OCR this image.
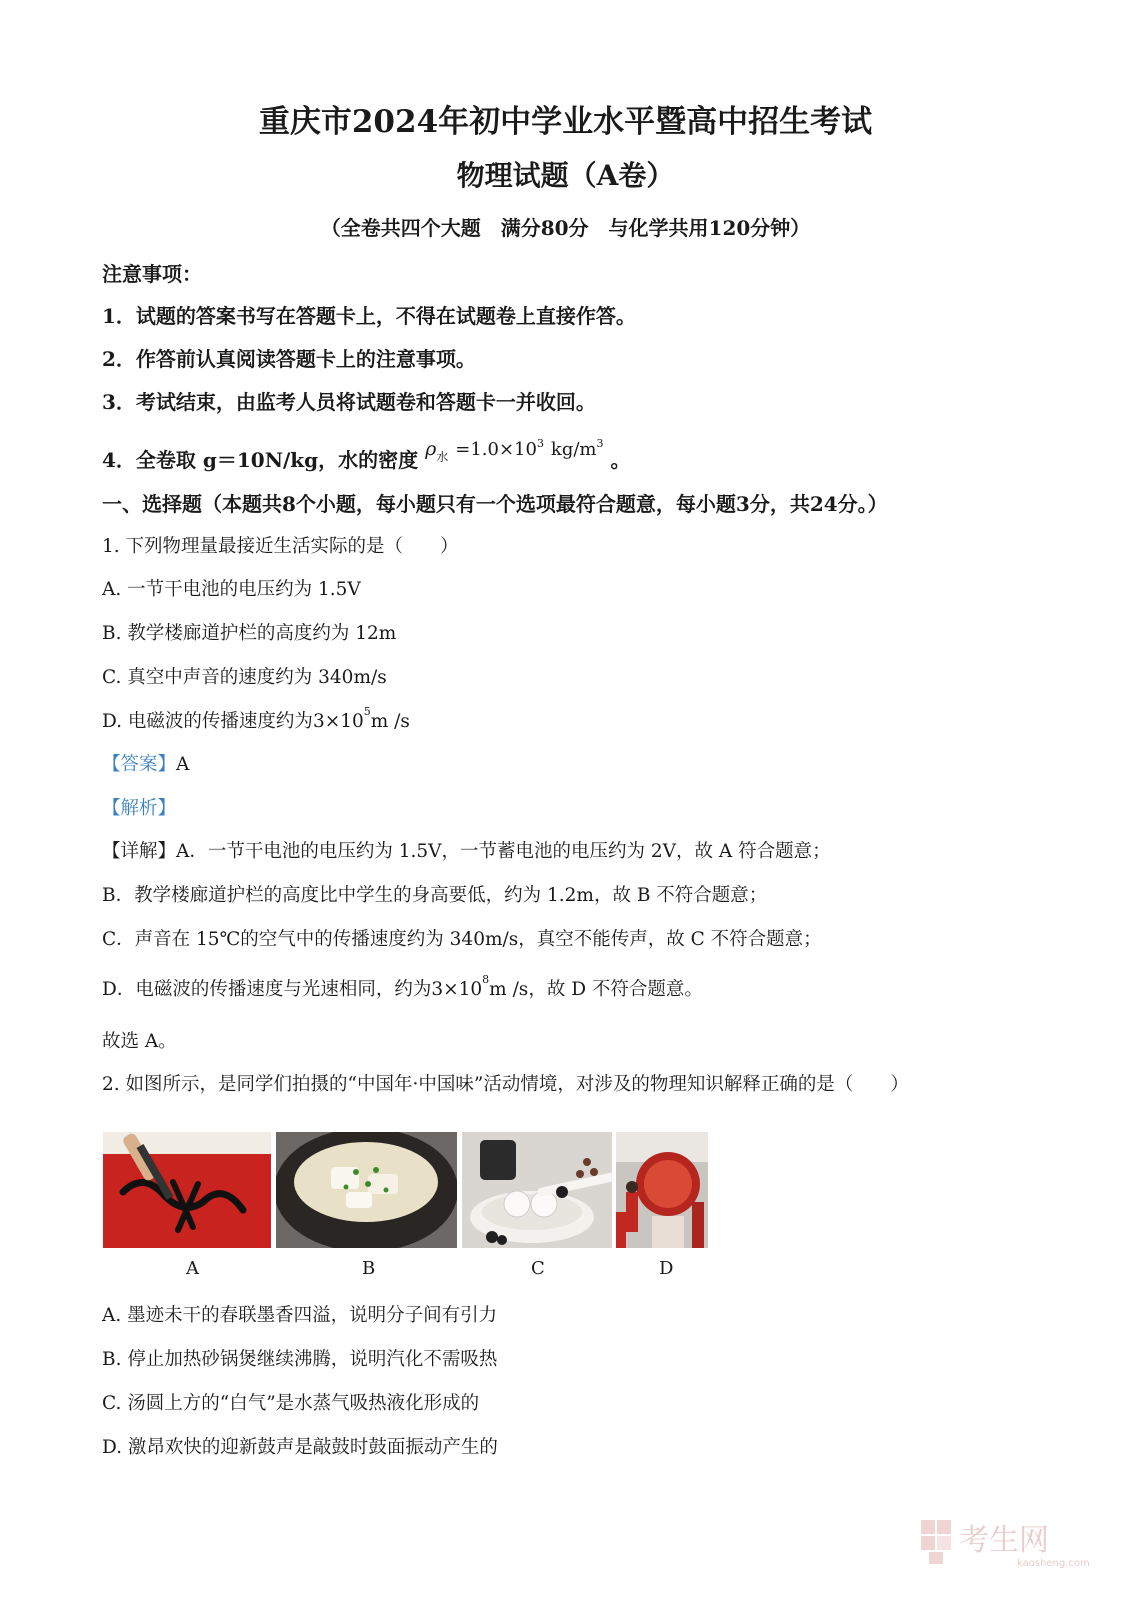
重庆市2024年初中学业水平暨高中招生考试
物理试题（A卷）
（全卷共四个大题　满分80分　与化学共用120分钟）
注意事项：
1．试题的答案书写在答题卡上，不得在试题卷上直接作答。
2．作答前认真阅读答题卡上的注意事项。
3．考试结束，由监考人员将试题卷和答题卡一并收回。
4．全卷取 g＝10N/kg，水的密度 $\rho^水 =1.0\times 10^3$ $kg/m^3$ 。
一、选择题（本题共8个小题，每小题只有一个选项最符合题意，每小题3分，共24分。）
1. 下列物理量最接近生活实际的是（　　）
A. 一节干电池的电压约为 1.5V
B. 教学楼廊道护栏的高度约为 12m
C. 真空中声音的速度约为 340m/s
D. 电磁波的传播速度约为$3\times 10^5m$ /s
【答案】A
【解析】
【详解】A．一节干电池的电压约为 1.5V，一节蓄电池的电压约为 2V，故 A 符合题意；
B．教学楼廊道护栏的高度比中学生的身高要低，约为 1.2m，故 B 不符合题意；
C．声音在 15℃的空气中的传播速度约为 340m/s，真空不能传声，故 C 不符合题意；
D．电磁波的传播速度与光速相同，约为$3\times 10^8m$ /s，故 D 不符合题意。
故选 A。
2. 如图所示，是同学们拍摄的“中国年·中国味”活动情境，对涉及的物理知识解释正确的是（　　）
A	B	C	D
A. 墨迹未干的春联墨香四溢，说明分子间有引力
B. 停止加热砂锅煲继续沸腾，说明汽化不需吸热
C. 汤圆上方的“白气”是水蒸气吸热液化形成的
D. 激昂欢快的迎新鼓声是敲鼓时鼓面振动产生的
考生网
kaosheng.com
